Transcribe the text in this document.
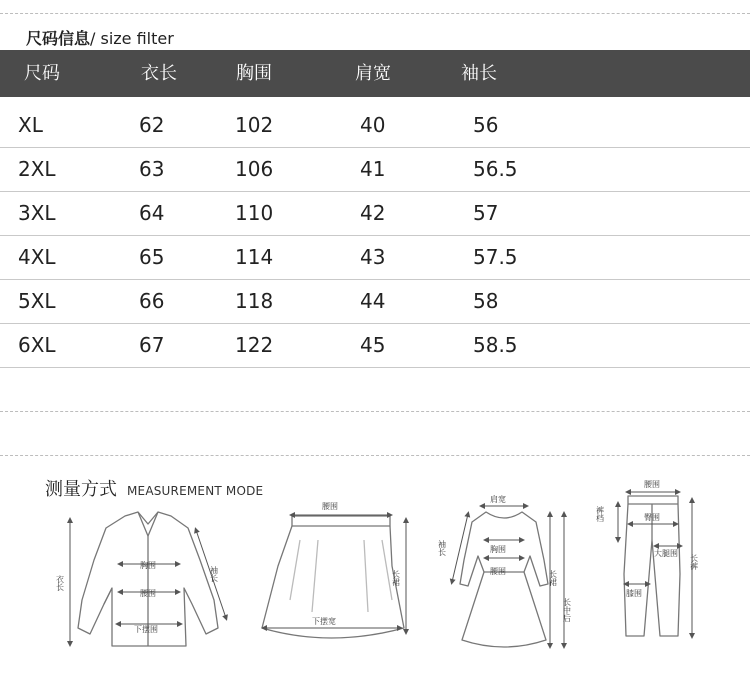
尺码信息/ size filter
尺码	衣长	胸围	肩宽	袖长
XL	62	102	40	56
2XL	63	106	41	56.5
3XL	64	110	42	57
4XL	65	114	43	57.5
5XL	66	118	44	58
6XL	67	122	45	58.5
测量方式 MEASUREMENT MODE
衣长
胸围
腰围
下摆围
袖长
腰围
长裙
下摆宽
肩宽
袖长	胸围
腰围	长裙
长中后
腰围
裤档	臀围
大腿围
膝围
长裤
